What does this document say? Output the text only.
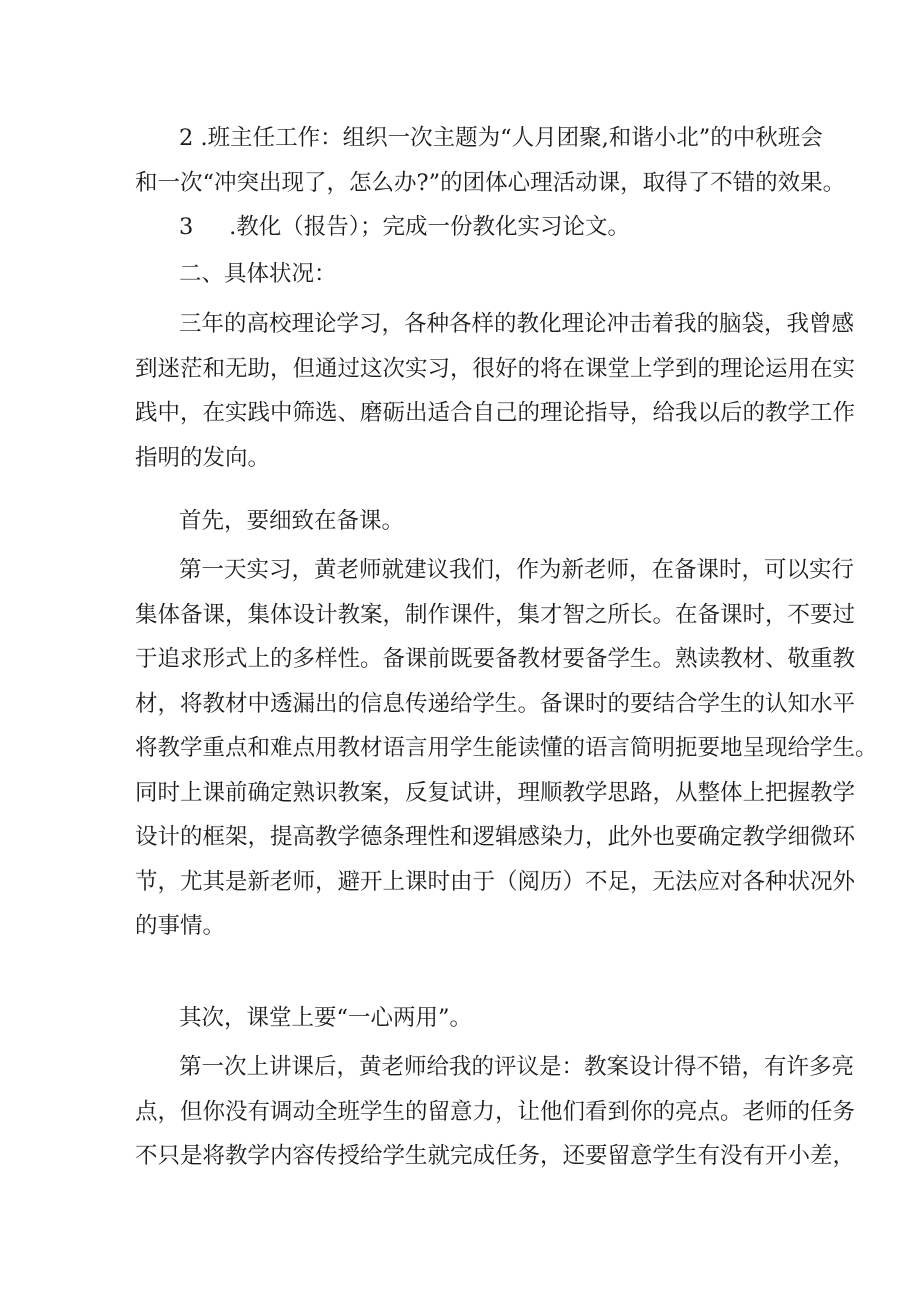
2 .班主任工作：组织一次主题为“人月团聚,和谐小北”的中秋班会
和一次“冲突出现了，怎么办?”的团体心理活动课，取得了不错的效果。
3     .教化（报告）；完成一份教化实习论文。
二、具体状况：
三年的高校理论学习，各种各样的教化理论冲击着我的脑袋，我曾感
到迷茫和无助，但通过这次实习，很好的将在课堂上学到的理论运用在实
践中，在实践中筛选、磨砺出适合自己的理论指导，给我以后的教学工作
指明的发向。
首先，要细致在备课。
第一天实习，黄老师就建议我们，作为新老师，在备课时，可以实行
集体备课，集体设计教案，制作课件，集才智之所长。在备课时，不要过
于追求形式上的多样性。备课前既要备教材要备学生。熟读教材、敬重教
材，将教材中透漏出的信息传递给学生。备课时的要结合学生的认知水平
将教学重点和难点用教材语言用学生能读懂的语言简明扼要地呈现给学生。
同时上课前确定熟识教案，反复试讲，理顺教学思路，从整体上把握教学
设计的框架，提高教学德条理性和逻辑感染力，此外也要确定教学细微环
节，尤其是新老师，避开上课时由于（阅历）不足，无法应对各种状况外
的事情。
其次，课堂上要“一心两用”。
第一次上讲课后，黄老师给我的评议是：教案设计得不错，有许多亮
点，但你没有调动全班学生的留意力，让他们看到你的亮点。老师的任务
不只是将教学内容传授给学生就完成任务，还要留意学生有没有开小差，
